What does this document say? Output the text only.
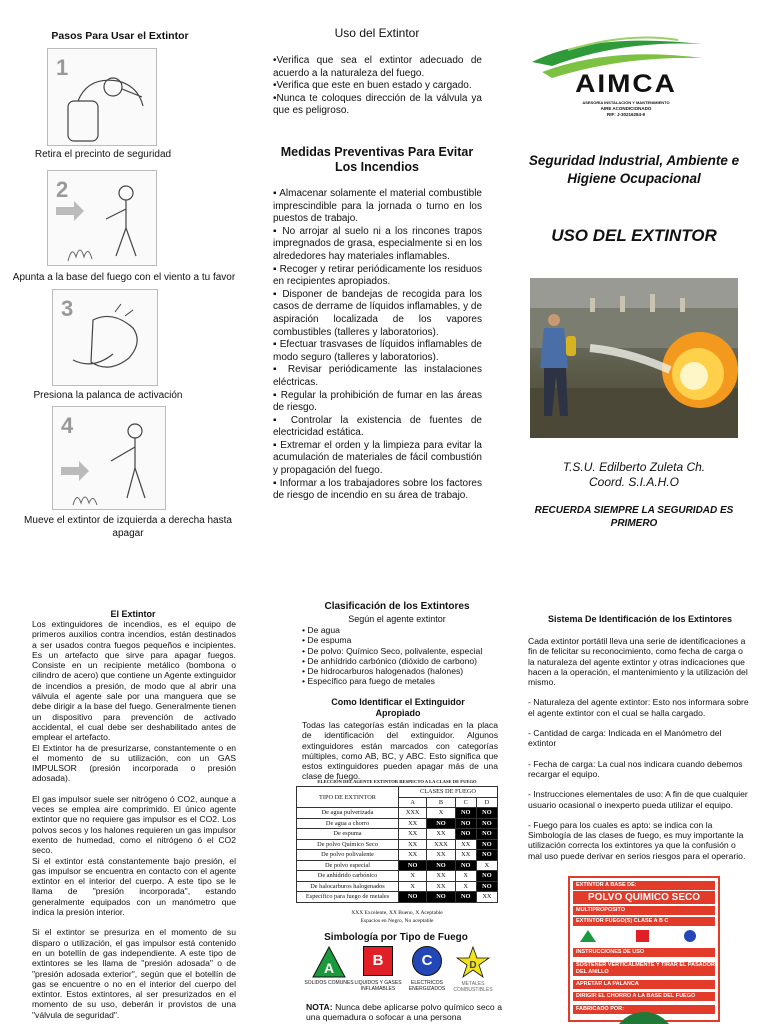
Pasos Para Usar el Extintor
1
Retira el precinto de seguridad
2
Apunta a la base del fuego con el viento a tu favor
3
Presiona la palanca de activación
4
Mueve el extintor de izquierda a derecha hasta apagar
Uso del Extintor

•Verifica que sea el extintor adecuado de acuerdo a la naturaleza del fuego.

•Verifica que este en buen estado y cargado.

•Nunca te coloques dirección de la válvula ya que es peligroso.

Medidas Preventivas Para Evitar Los Incendios

▪ Almacenar solamente el material combustible imprescindible para la jornada o turno en los puestos de trabajo.

▪ No arrojar al suelo ni a los rincones trapos impregnados de grasa, especialmente si en los alrededores hay materiales inflamables.

▪ Recoger y retirar periódicamente los residuos en recipientes apropiados.

▪ Disponer de bandejas de recogida para los casos de derrame de líquidos inflamables, y de aspiración localizada de los vapores combustibles (talleres y laboratorios).

▪ Efectuar trasvases de líquidos inflamables de modo seguro (talleres y laboratorios).

▪ Revisar periódicamente las instalaciones eléctricas.

▪ Regular la prohibición de fumar en las áreas de riesgo.

▪ Controlar la existencia de fuentes de electricidad estática.

▪ Extremar el orden y la limpieza para evitar la acumulación de materiales de fácil combustión y propagación del fuego.

▪ Informar a los trabajadores sobre los factores de riesgo de incendio en su área de trabajo.

AIMCA
ASESORÍA INSTALACIÓN Y MANTENIMIENTO
AIRE ACONDICIONADO
RIF: J-30216284-9
Seguridad Industrial, Ambiente e Higiene Ocupacional
USO DEL EXTINTOR
T.S.U. Edilberto Zuleta Ch.
Coord. S.I.A.H.O
RECUERDA SIEMPRE LA SEGURIDAD ES PRIMERO
El Extintor

Los extinguidores de incendios, es el equipo de primeros auxilios contra incendios, están destinados a ser usados contra fuegos pequeños e incipientes. Es un artefacto que sirve para apagar fuegos. Consiste en un recipiente metálico (bombona o cilindro de acero) que contiene un Agente extinguidor de incendios a presión, de modo que al abrir una válvula el agente sale por una manguera que se debe dirigir a la base del fuego. Generalmente tienen un dispositivo para prevención de activado accidental, el cual debe ser deshabilitado antes de emplear el artefacto.

El Extintor ha de presurizarse, constantemente o en el momento de su utilización, con un GAS IMPULSOR (presión incorporada o presión adosada).

El gas impulsor suele ser nitrógeno ó CO2, aunque a veces se emplea aire comprimido. El único agente extintor que no requiere gas impulsor es el CO2. Los polvos secos y los halones requieren un gas impulsor exento de humedad, como el nitrógeno ó el CO2 seco.

Si el extintor está constantemente bajo presión, el gas impulsor se encuentra en contacto con el agente extintor en el interior del cuerpo. A este tipo se le llama de "presión incorporada", estando generalmente equipados con un manómetro que indica la presión interior.

Si el extintor se presuriza en el momento de su disparo o utilización, el gas impulsor está contenido en un botellín de gas independiente. A este tipo de extintores se les llama de "presión adosada" o de "presión adosada exterior", según que el botellín de gas se encuentre o no en el interior del cuerpo del extintor. Estos extintores, al ser presurizados en el momento de su uso, deberán ir provistos de una "válvula de seguridad".

Clasificación de los Extintores
Según el agente extintor

• De agua

• De espuma

• De polvo: Químico Seco, polivalente, especial

• De anhídrido carbónico (dióxido de carbono)

• De hidrocarburos halogenados (halones)

• Específico para fuego de metales

Como Identificar el Extinguidor Apropiado
Todas las categorías están indicadas en la placa de identificación del extinguidor. Algunos extinguidores están marcados con categorías múltiples, como AB, BC, y ABC. Esto significa que estos extinguidores pueden apagar más de una clase de fuego.
ELECCIÓN DEL AGENTE EXTINTOR RESPECTO A LA CLASE DE FUEGO
TIPO DE EXTINTOR	CLASES DE FUEGO			
	A	B	C	D
De agua pulverizada	XXX	X	NO	NO
De agua a chorro	XX	NO	NO	NO
De espuma	XX	XX	NO	NO
De polvo Químico Seco	XX	XXX	XX	NO
De polvo polivalente	XX	XX	XX	NO
De polvo especial	NO	NO	NO	X
De anhídrido carbónico	X	XX	X	NO
De halocarburos halogenados	X	XX	X	NO
Específico para fuego de metales	NO	NO	NO	XX
XXX Excelente, XX Bueno, X Aceptable
Espacios en Negro, No aceptable
Simbología por Tipo de Fuego
A
SOLIDOS COMUNES
B
LIQUIDOS Y GASES INFLAMABLES
C
ELECTRICOS ENERGIZADOS
D
METALES COMBUSTIBLES
NOTA: Nunca debe aplicarse polvo químico seco a una quemadura o sofocar a una persona
Sistema De Identificación de los Extintores

Cada extintor portátil lleva una serie de identificaciones a fin de felicitar su reconocimiento, como fecha de carga o la naturaleza del agente extintor y otras indicaciones que hacen a la operación, el mantenimiento y la utilización del mismo.

- Naturaleza del agente extintor: Esto nos informara sobre el agente extintor con el cual se halla cargado.

- Cantidad de carga: Indicada en el Manómetro del extintor

- Fecha de carga: La cual nos indicara cuando debemos recargar el equipo.

- Instrucciones elementales de uso: A fin de que cualquier usuario ocasional o inexperto pueda utilizar el equipo.

- Fuego para los cuales es apto: se indica con la Simbología de las clases de fuego, es muy importante la utilización correcta los extintores ya que la confusión o mal uso puede derivar en serios riesgos para el operario.

EXTINTOR A BASE DE:
POLVO QUIMICO SECO
MULTIPROPOSITO
EXTINTOR FUEGO(S) CLASE A B C
INSTRUCCIONES DE USO
SOSTENER VERTICALMENTE Y TIRAR EL PASADOR DEL ANILLO
APRETAR LA PALANCA
DIRIGIR EL CHORRO A LA BASE DEL FUEGO
FABRICADO POR:
